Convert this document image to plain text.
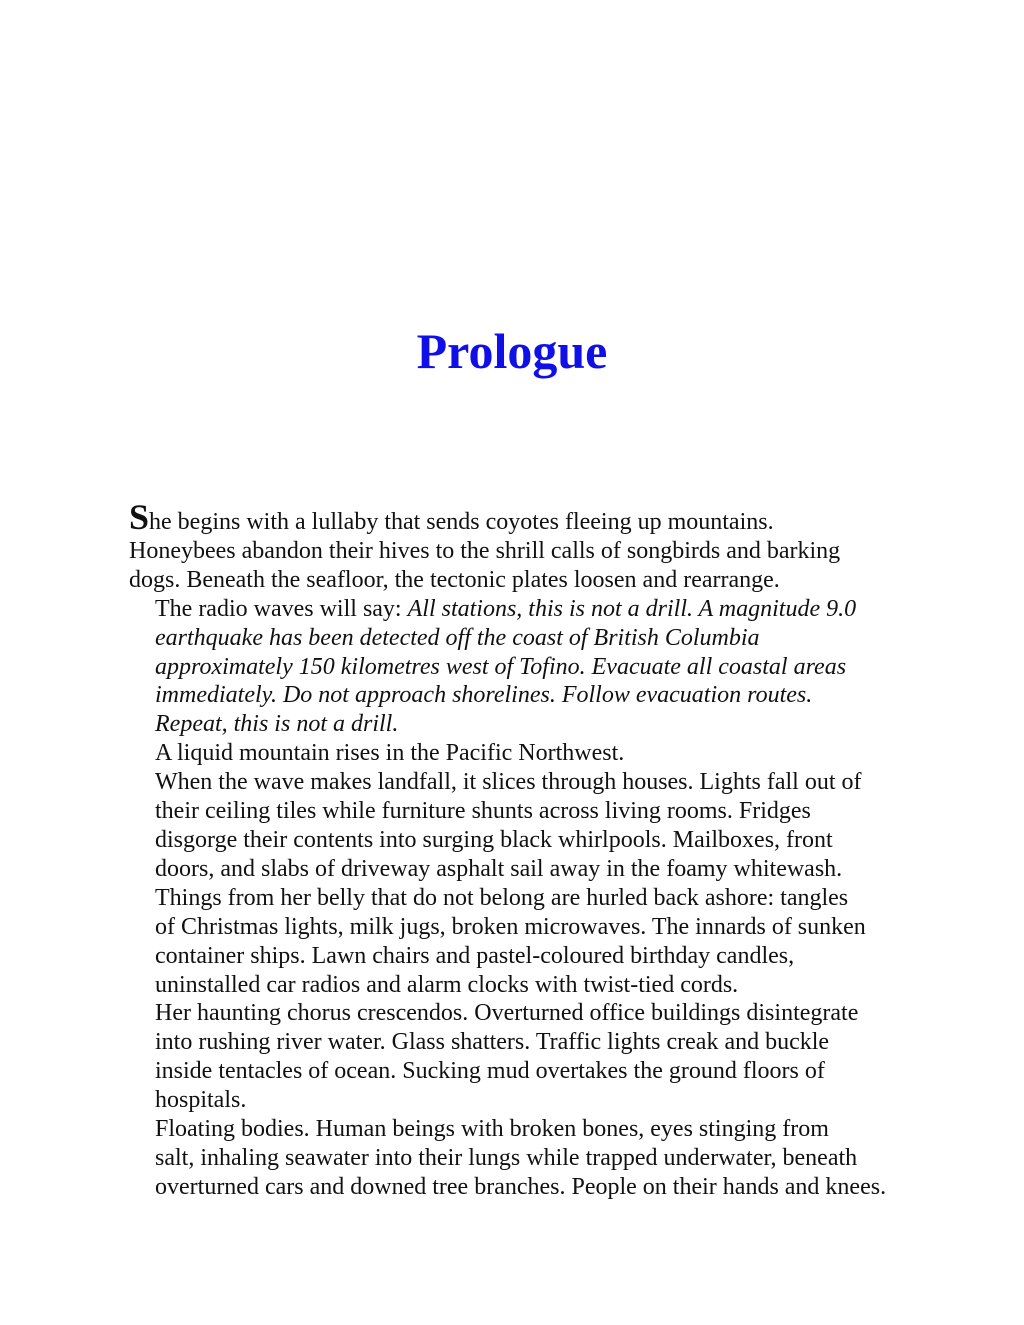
Prologue

She begins with a lullaby that sends coyotes fleeing up mountains.
Honeybees abandon their hives to the shrill calls of songbirds and barking
dogs. Beneath the seafloor, the tectonic plates loosen and rearrange.

The radio waves will say: All stations, this is not a drill. A magnitude 9.0
earthquake has been detected off the coast of British Columbia
approximately 150 kilometres west of Tofino. Evacuate all coastal areas
immediately. Do not approach shorelines. Follow evacuation routes.
Repeat, this is not a drill.

A liquid mountain rises in the Pacific Northwest.

When the wave makes landfall, it slices through houses. Lights fall out of
their ceiling tiles while furniture shunts across living rooms. Fridges
disgorge their contents into surging black whirlpools. Mailboxes, front
doors, and slabs of driveway asphalt sail away in the foamy whitewash.

Things from her belly that do not belong are hurled back ashore: tangles
of Christmas lights, milk jugs, broken microwaves. The innards of sunken
container ships. Lawn chairs and pastel-coloured birthday candles,
uninstalled car radios and alarm clocks with twist-tied cords.

Her haunting chorus crescendos. Overturned office buildings disintegrate
into rushing river water. Glass shatters. Traffic lights creak and buckle
inside tentacles of ocean. Sucking mud overtakes the ground floors of
hospitals.

Floating bodies. Human beings with broken bones, eyes stinging from
salt, inhaling seawater into their lungs while trapped underwater, beneath
overturned cars and downed tree branches. People on their hands and knees.
